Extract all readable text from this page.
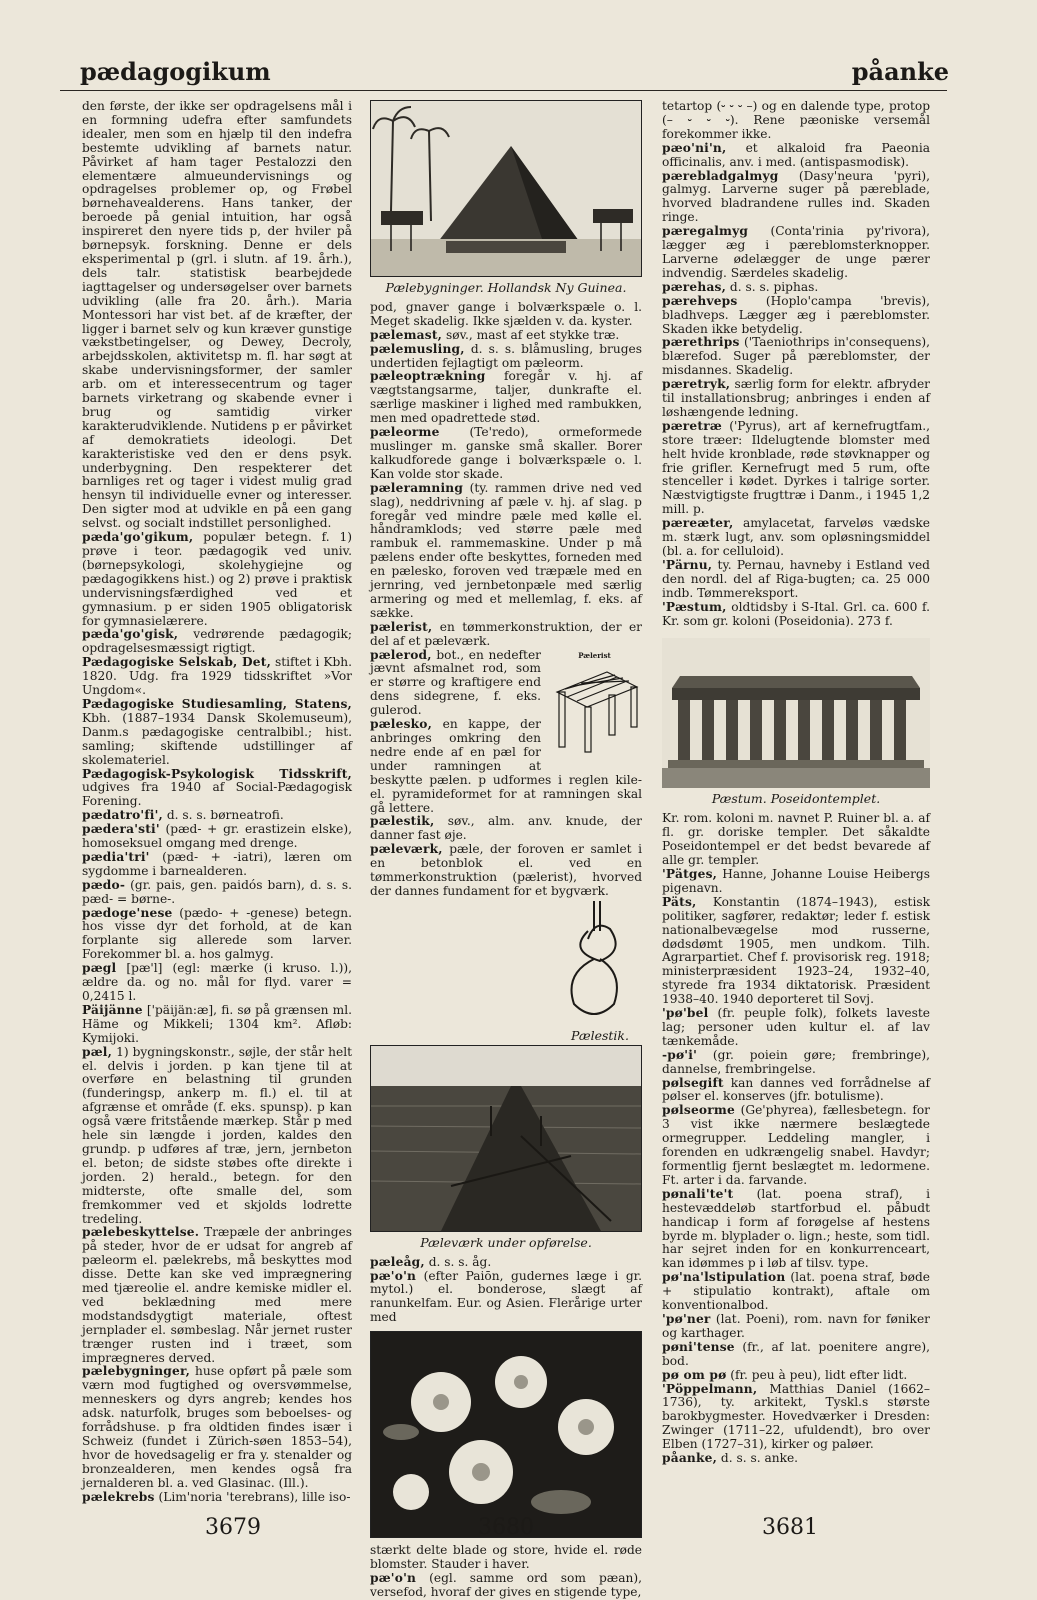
pædagogikum	påanke

den første, der ikke ser opdragelsens mål i en formning udefra efter samfundets idealer, men som en hjælp til den indefra bestemte udvikling af barnets natur. Påvirket af ham tager Pestalozzi den elementære almueundervisnings og opdragelses problemer op, og Frøbel børnehavealderens. Hans tanker, der beroede på genial intuition, har også inspireret den nyere tids p, der hviler på børnepsyk. forskning. Denne er dels eksperimental p (grl. i slutn. af 19. årh.), dels talr. statistisk bearbejdede iagttagelser og undersøgelser over barnets udvikling (alle fra 20. årh.). Maria Montessori har vist bet. af de kræfter, der ligger i barnet selv og kun kræver gunstige vækstbetingelser, og Dewey, Decroly, arbejdsskolen, aktivitetsp m. fl. har søgt at skabe undervisningsformer, der samler arb. om et interessecentrum og tager barnets virketrang og skabende evner i brug og samtidig virker karakterudviklende. Nutidens p er påvirket af demokratiets ideologi. Det karakteristiske ved den er dens psyk. underbygning. Den respekterer det barnliges ret og tager i videst mulig grad hensyn til individuelle evner og interesser. Den sigter mod at udvikle en på een gang selvst. og socialt indstillet personlighed.

pæda'go'gikum, populær betegn. f. 1) prøve i teor. pædagogik ved univ. (børnepsykologi, skolehygiejne og pædagogikkens hist.) og 2) prøve i praktisk undervisningsfærdighed ved et gymnasium. p er siden 1905 obligatorisk for gymnasielærere.

pæda'go'gisk, vedrørende pædagogik; opdragelsesmæssigt rigtigt.

Pædagogiske Selskab, Det, stiftet i Kbh. 1820. Udg. fra 1929 tidsskriftet »Vor Ungdom«.

Pædagogiske Studiesamling, Statens, Kbh. (1887–1934 Dansk Skolemuseum), Danm.s pædagogiske centralbibl.; hist. samling; skiftende udstillinger af skolemateriel.

Pædagogisk-Psykologisk Tidsskrift, udgives fra 1940 af Social-Pædagogisk Forening.

pædatro'fi', d. s. s. børneatrofi.

pædera'sti' (pæd- + gr. erastizein elske), homoseksuel omgang med drenge.

pædia'tri' (pæd- + -iatri), læren om sygdomme i barnealderen.

pædo- (gr. pais, gen. paidós barn), d. s. s. pæd- = børne-.

pædoge'nese (pædo- + -genese) betegn. hos visse dyr det forhold, at de kan forplante sig allerede som larver. Forekommer bl. a. hos galmyg.

pægl [pæ'l] (egl: mærke (i kruso. l.)), ældre da. og no. mål for flyd. varer = 0,2415 l.

Päijänne ['päijän:æ], fi. sø på grænsen ml. Häme og Mikkeli; 1304 km². Afløb: Kymijoki.

pæl, 1) bygningskonstr., søjle, der står helt el. delvis i jorden. p kan tjene til at overføre en belastning til grunden (funderingsp, ankerp m. fl.) el. til at afgrænse et område (f. eks. spunsp). p kan også være fritstående mærkep. Står p med hele sin længde i jorden, kaldes den grundp. p udføres af træ, jern, jernbeton el. beton; de sidste støbes ofte direkte i jorden. 2) herald., betegn. for den midterste, ofte smalle del, som fremkommer ved et skjolds lodrette tredeling.

pælebeskyttelse. Træpæle der anbringes på steder, hvor de er udsat for angreb af pæleorm el. pælekrebs, må beskyttes mod disse. Dette kan ske ved imprægnering med tjæreolie el. andre kemiske midler el. ved beklædning med mere modstandsdygtigt materiale, oftest jernplader el. sømbeslag. Når jernet ruster trænger rusten ind i træet, som imprægneres derved.

pælebygninger, huse opført på pæle som værn mod fugtighed og oversvømmelse, menneskers og dyrs angreb; kendes hos adsk. naturfolk, bruges som beboelses- og forrådshuse. p fra oldtiden findes især i Schweiz (fundet i Zürich-søen 1853–54), hvor de hovedsagelig er fra y. stenalder og bronzealderen, men kendes også fra jernalderen bl. a. ved Glasinac. (Ill.).

pælekrebs (Lim'noria 'terebrans), lille iso-

Pælebygninger. Hollandsk Ny Guinea.

pod, gnaver gange i bolværkspæle o. l. Meget skadelig. Ikke sjælden v. da. kyster.

pælemast, søv., mast af eet stykke træ.

pælemusling, d. s. s. blåmusling, bruges undertiden fejlagtigt om pæleorm.

pæleoptrækning foregår v. hj. af vægtstangsarme, taljer, dunkrafte el. særlige maskiner i lighed med rambukken, men med opadrettede stød.

pæleorme (Te'redo), ormeformede muslinger m. ganske små skaller. Borer kalkudforede gange i bolværkspæle o. l. Kan volde stor skade.

pæleramning (ty. rammen drive ned ved slag), neddrivning af pæle v. hj. af slag. p foregår ved mindre pæle med kølle el. håndramklods; ved større pæle med rambuk el. rammemaskine. Under p må pælens ender ofte beskyttes, forneden med en pælesko, foroven ved træpæle med en jernring, ved jernbetonpæle med særlig armering og med et mellemlag, f. eks. af sække.

pælerist, en tømmerkonstruktion, der er del af et pæleværk.

Pælerist

pælerod, bot., en nedefter jævnt afsmalnet rod, som er større og kraftigere end dens sidegrene, f. eks. gulerod.

pælesko, en kappe, der anbringes omkring den nedre ende af en pæl for under ramningen at beskytte pælen. p udformes i reglen kile- el. pyramideformet for at ramningen skal gå lettere.

pælestik, søv., alm. anv. knude, der danner fast øje.

pæleværk, pæle, der foroven er samlet i en betonblok el. ved en tømmerkonstruktion (pælerist), hvorved der dannes fundament for et bygværk.

Pælestik.
Pæleværk under opførelse.

pæleåg, d. s. s. åg.

pæ'o'n (efter Paiōn, gudernes læge i gr. mytol.) el. bonderose, slægt af ranunkelfam. Eur. og Asien. Flerårige urter med

stærkt delte blade og store, hvide el. røde blomster. Stauder i haver.

pæ'o'n (egl. samme ord som pæan), versefod, hvoraf der gives en stigende type,

tetartop (⏑ ⏑ ⏑ –) og en dalende type, protop (– ⏑ ⏑ ⏑). Rene pæoniske versemål forekommer ikke.

pæo'ni'n, et alkaloid fra Paeonia officinalis, anv. i med. (antispasmodisk).

pærebladgalmyg (Dasy'neura 'pyri), galmyg. Larverne suger på pæreblade, hvorved bladrandene rulles ind. Skaden ringe.

pæregalmyg (Conta'rinia py'rivora), lægger æg i pæreblomsterknopper. Larverne ødelægger de unge pærer indvendig. Særdeles skadelig.

pærehas, d. s. s. piphas.

pærehveps (Hoplo'campa 'brevis), bladhveps. Lægger æg i pæreblomster. Skaden ikke betydelig.

pærethrips ('Taeniothrips in'consequens), blærefod. Suger på pæreblomster, der misdannes. Skadelig.

pæretryk, særlig form for elektr. afbryder til installationsbrug; anbringes i enden af løshængende ledning.

pæretræ ('Pyrus), art af kernefrugtfam., store træer: Ildelugtende blomster med helt hvide kronblade, røde støvknapper og frie grifler. Kernefrugt med 5 rum, ofte stenceller i kødet. Dyrkes i talrige sorter. Næstvigtigste frugttræ i Danm., i 1945 1,2 mill. p.

pæreæter, amylacetat, farveløs vædske m. stærk lugt, anv. som opløsningsmiddel (bl. a. for celluloid).

'Pärnu, ty. Pernau, havneby i Estland ved den nordl. del af Riga-bugten; ca. 25 000 indb. Tømmereksport.

'Pæstum, oldtidsby i S-Ital. Grl. ca. 600 f. Kr. som gr. koloni (Poseidonia). 273 f.

Pæstum. Poseidontemplet.

Kr. rom. koloni m. navnet P. Ruiner bl. a. af fl. gr. doriske templer. Det såkaldte Poseidontempel er det bedst bevarede af alle gr. templer.

'Pätges, Hanne, Johanne Louise Heibergs pigenavn.

Päts, Konstantin (1874–1943), estisk politiker, sagfører, redaktør; leder f. estisk nationalbevægelse mod russerne, dødsdømt 1905, men undkom. Tilh. Agrarpartiet. Chef f. provisorisk reg. 1918; ministerpræsident 1923–24, 1932–40, styrede fra 1934 diktatorisk. Præsident 1938–40. 1940 deporteret til Sovj.

'pø'bel (fr. peuple folk), folkets laveste lag; personer uden kultur el. af lav tænkemåde.

-pø'i' (gr. poiein gøre; frembringe), dannelse, frembringelse.

pølsegift kan dannes ved forrådnelse af pølser el. konserves (jfr. botulisme).

pølseorme (Ge'phyrea), fællesbetegn. for 3 vist ikke nærmere beslægtede ormegrupper. Leddeling mangler, i forenden en udkrængelig snabel. Havdyr; formentlig fjernt beslægtet m. ledormene. Ft. arter i da. farvande.

pønali'te't (lat. poena straf), i hestevæddeløb startforbud el. påbudt handicap i form af forøgelse af hestens byrde m. blyplader o. lign.; heste, som tidl. har sejret inden for en konkurrenceart, kan idømmes p i løb af tilsv. type.

pø'na'lstipulation (lat. poena straf, bøde + stipulatio kontrakt), aftale om konventionalbod.

'pø'ner (lat. Poeni), rom. navn for føniker og karthager.

pøni'tense (fr., af lat. poenitere angre), bod.

pø om pø (fr. peu à peu), lidt efter lidt.

'Pöppelmann, Matthias Daniel (1662–1736), ty. arkitekt, Tyskl.s største barokbygmester. Hovedværker i Dresden: Zwinger (1711–22, ufuldendt), bro over Elben (1727–31), kirker og paløer.

påanke, d. s. s. anke.

3679	3680	3681
